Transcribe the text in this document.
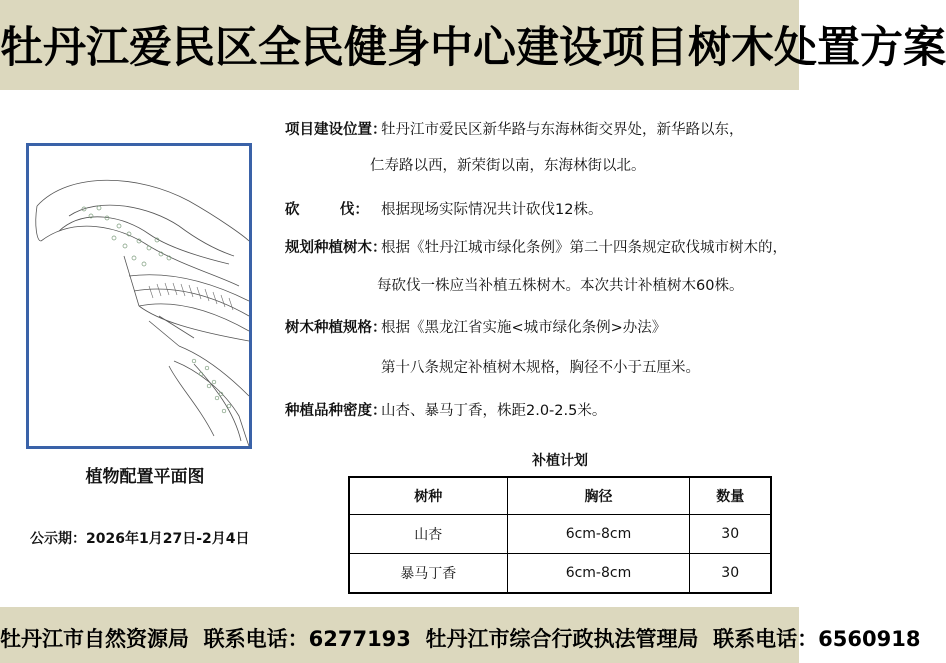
牡丹江爱民区全民健身中心建设项目树木处置方案
植物配置平面图
公示期：2026年1月27日-2月4日
项目建设位置：
牡丹江市爱民区新华路与东海林街交界处，新华路以东，
仁寿路以西，新荣街以南，东海林街以北。
砍        伐： 根据现场实际情况共计砍伐12株。
规划种植树木：
根据《牡丹江城市绿化条例》第二十四条规定砍伐城市树木的，
每砍伐一株应当补植五株树木。本次共计补植树木60株。
树木种植规格：
根据《黑龙江省实施<城市绿化条例>办法》
第十八条规定补植树木规格，胸径不小于五厘米。
种植品种密度：
山杏、暴马丁香，株距2.0-2.5米。
补植计划
树种	胸径	数量
山杏	6cm-8cm	30
暴马丁香	6cm-8cm	30
牡丹江市自然资源局  联系电话：6277193  牡丹江市综合行政执法管理局  联系电话：6560918
